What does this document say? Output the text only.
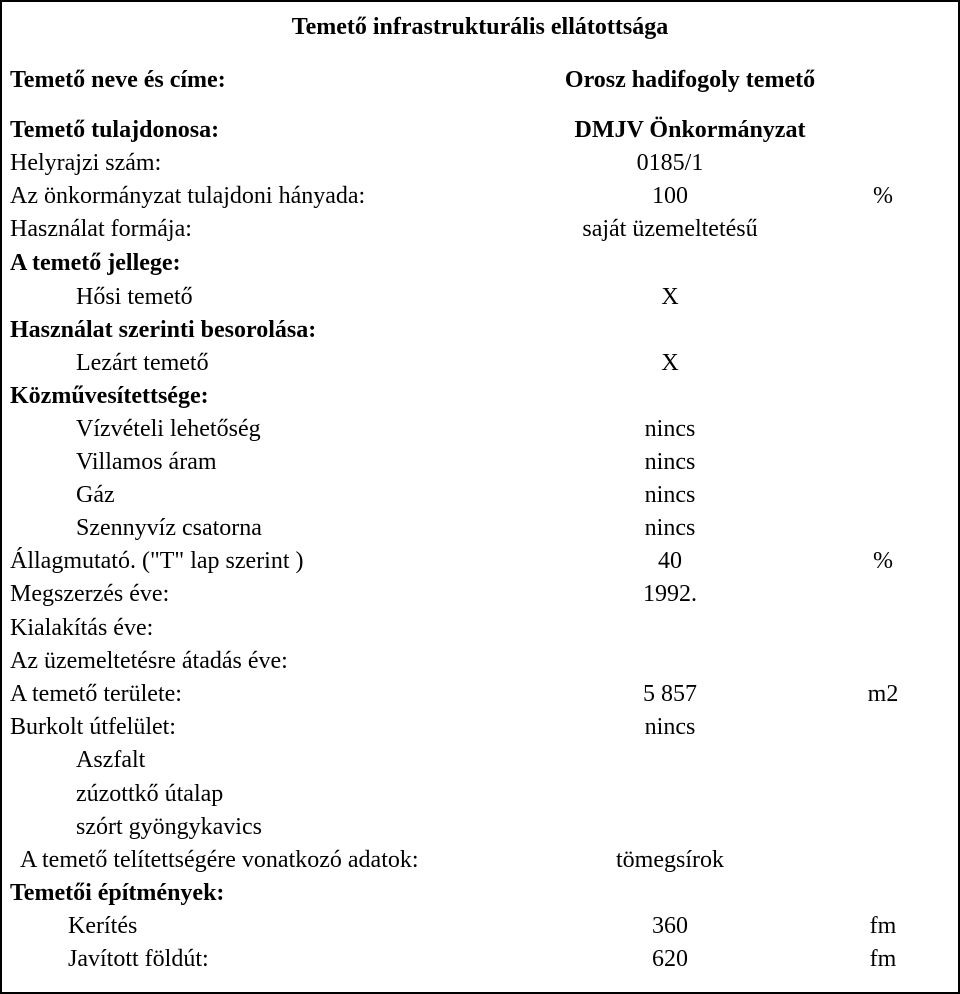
Temető infrastrukturális ellátottsága
Temető neve és címe:	Orosz hadifogoly temető
Temető tulajdonosa:	DMJV Önkormányzat
Helyrajzi szám:	0185/1
Az önkormányzat tulajdoni hányada:	100	%
Használat formája:	saját üzemeltetésű
A temető jellege:
Hősi temető	X
Használat szerinti besorolása:
Lezárt temető	X
Közművesítettsége:
Vízvételi lehetőség	nincs
Villamos áram	nincs
Gáz	nincs
Szennyvíz csatorna	nincs
Állagmutató. ("T" lap szerint )	40	%
Megszerzés éve:	1992.
Kialakítás éve:
Az üzemeltetésre átadás éve:
A temető területe:	5 857	m2
Burkolt útfelület:	nincs
Aszfalt
zúzottkő útalap
szórt gyöngykavics
A temető telítettségére vonatkozó adatok:	tömegsírok
Temetői építmények:
Kerítés	360	fm
Javított földút:	620	fm
